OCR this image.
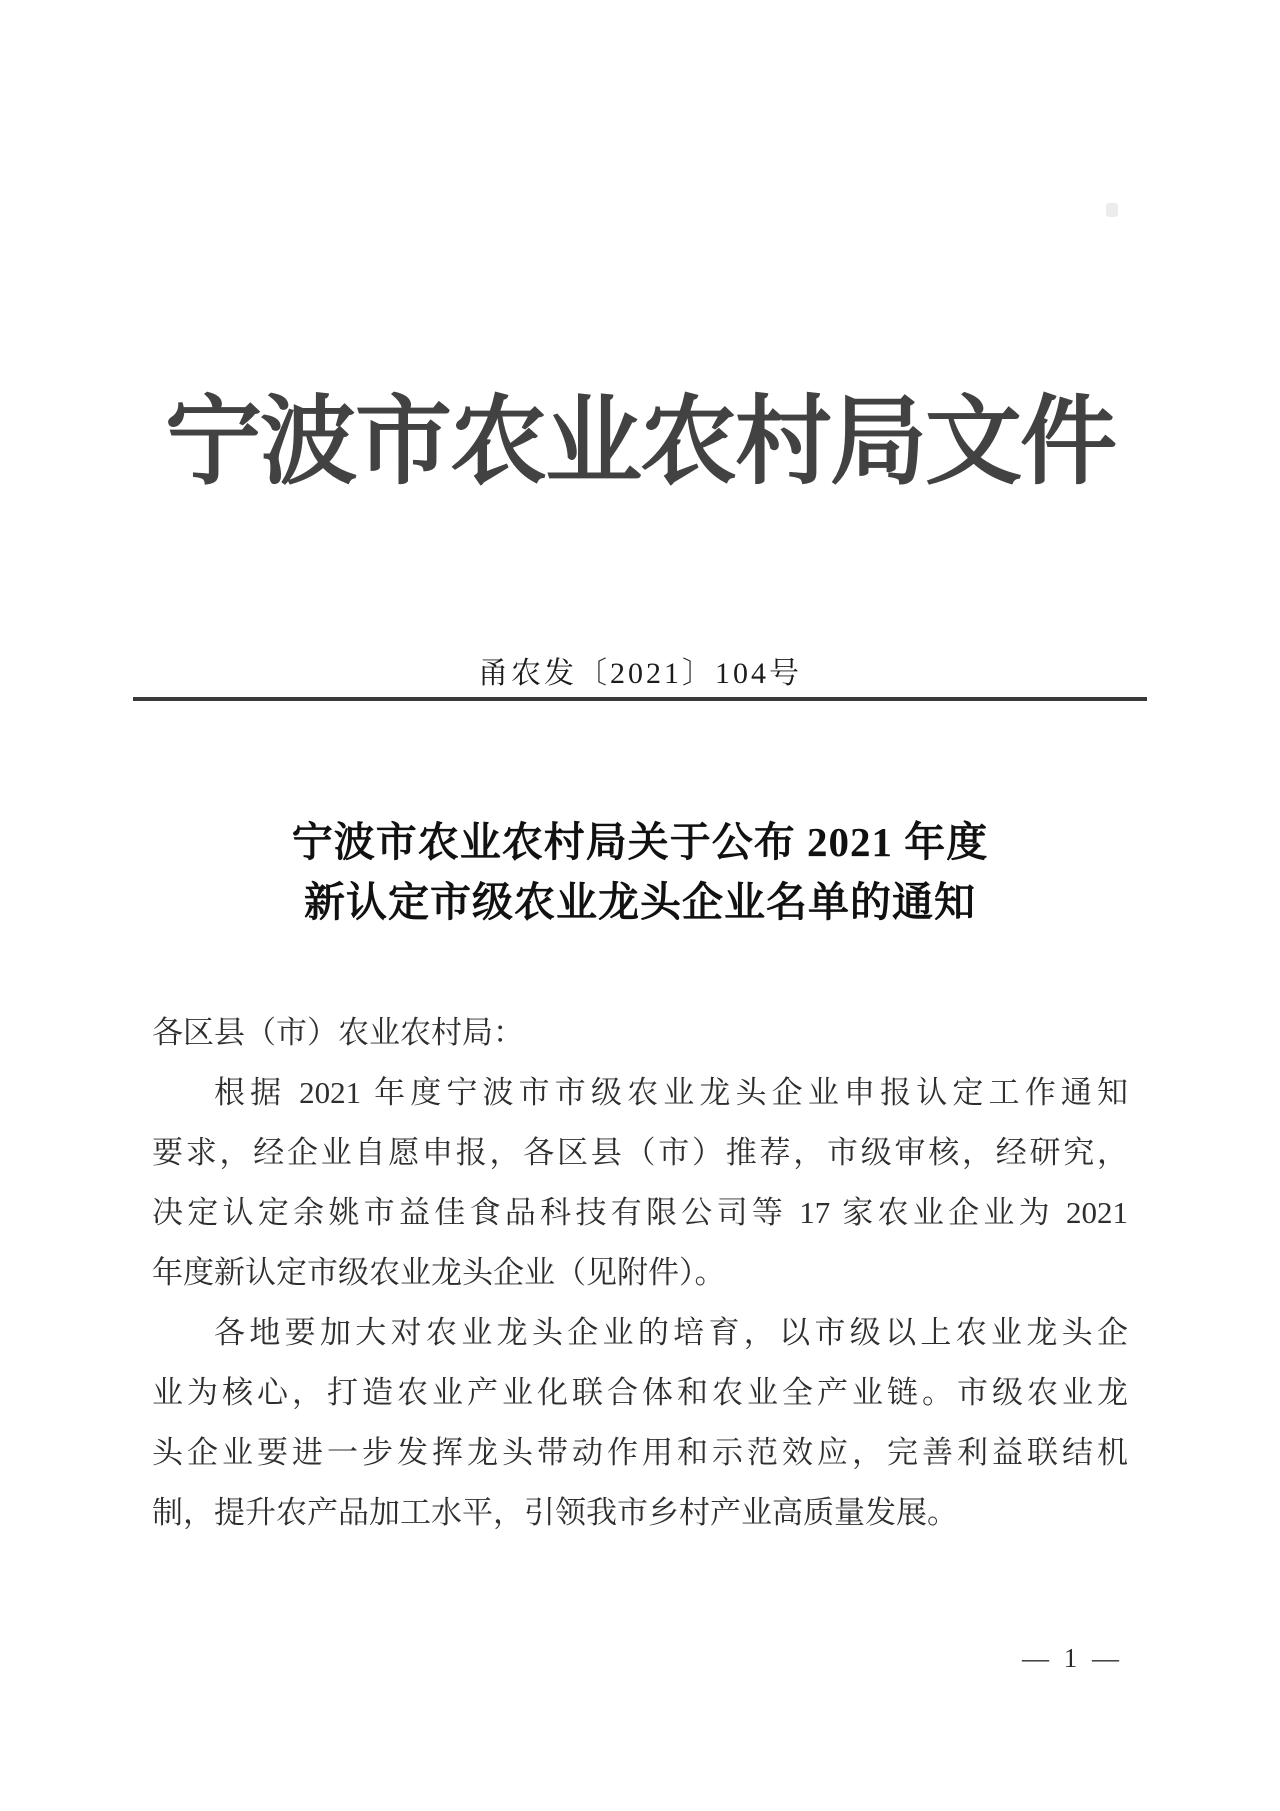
宁波市农业农村局文件
甬农发〔2021〕104号
宁波市农业农村局关于公布 2021 年度
新认定市级农业龙头企业名单的通知
各区县（市）农业农村局：
根据 2021 年度宁波市市级农业龙头企业申报认定工作通知
要求，经企业自愿申报，各区县（市）推荐，市级审核，经研究，
决定认定余姚市益佳食品科技有限公司等 17 家农业企业为 2021
年度新认定市级农业龙头企业（见附件）。
各地要加大对农业龙头企业的培育，以市级以上农业龙头企
业为核心，打造农业产业化联合体和农业全产业链。市级农业龙
头企业要进一步发挥龙头带动作用和示范效应，完善利益联结机
制，提升农产品加工水平，引领我市乡村产业高质量发展。
— 1 —
